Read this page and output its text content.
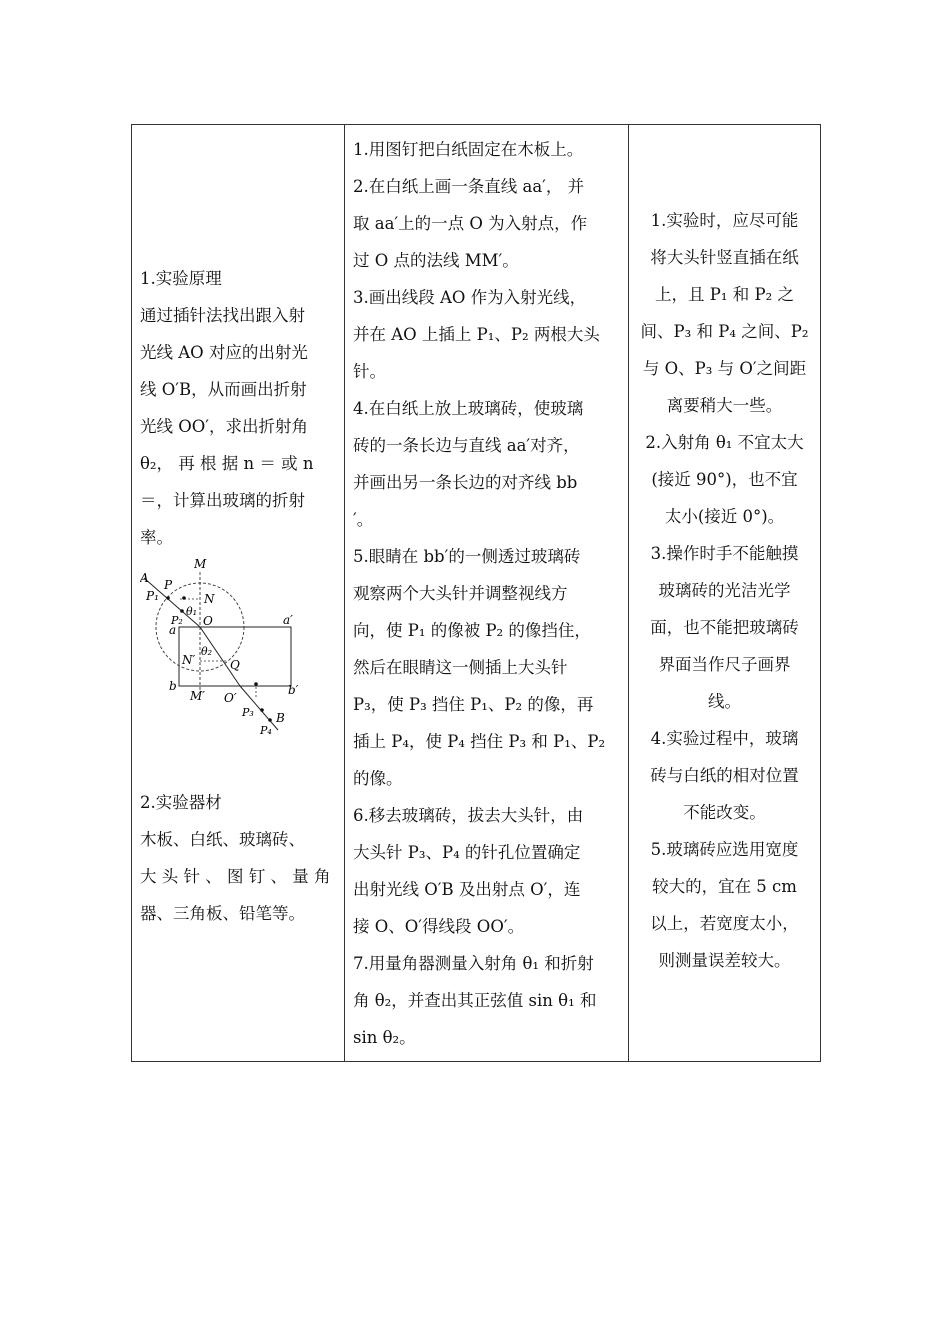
1.实验原理
通过插针法找出跟入射
光线 AO 对应的出射光
线 O′B，从而画出折射
光线 OO′，求出折射角
θ₂， 再 根 据 n ＝ 或 n
＝，计算出玻璃的折射
率。
A P
P₁
P₂
M
N
θ₁
O
a
a′
θ₂
N′	Q
b
M′ O′
b′
P₃ B
P₄
2.实验器材
木板、白纸、玻璃砖、
大 头 针 、 图 钉 、 量 角
器、三角板、铅笔等。

1.用图钉把白纸固定在木板上。
2.在白纸上画一条直线 aa′， 并
取 aa′上的一点 O 为入射点，作
过 O 点的法线 MM′。
3.画出线段 AO 作为入射光线，
并在 AO 上插上 P₁、P₂ 两根大头
针。
4.在白纸上放上玻璃砖，使玻璃
砖的一条长边与直线 aa′对齐，
并画出另一条长边的对齐线 bb
′。
5.眼睛在 bb′的一侧透过玻璃砖
观察两个大头针并调整视线方
向，使 P₁ 的像被 P₂ 的像挡住，
然后在眼睛这一侧插上大头针
P₃，使 P₃ 挡住 P₁、P₂ 的像，再
插上 P₄，使 P₄ 挡住 P₃ 和 P₁、P₂
的像。
6.移去玻璃砖，拔去大头针，由
大头针 P₃、P₄ 的针孔位置确定
出射光线 O′B 及出射点 O′，连
接 O、O′得线段 OO′。
7.用量角器测量入射角 θ₁ 和折射
角 θ₂，并查出其正弦值 sin θ₁ 和
sin θ₂。

1.实验时，应尽可能
将大头针竖直插在纸
上，且 P₁ 和 P₂ 之
间、P₃ 和 P₄ 之间、P₂
与 O、P₃ 与 O′之间距
离要稍大一些。
2.入射角 θ₁ 不宜太大
(接近 90°)，也不宜
太小(接近 0°)。
3.操作时手不能触摸
玻璃砖的光洁光学
面，也不能把玻璃砖
界面当作尺子画界
线。
4.实验过程中，玻璃
砖与白纸的相对位置
不能改变。
5.玻璃砖应选用宽度
较大的，宜在 5 cm
以上，若宽度太小，
则测量误差较大。
